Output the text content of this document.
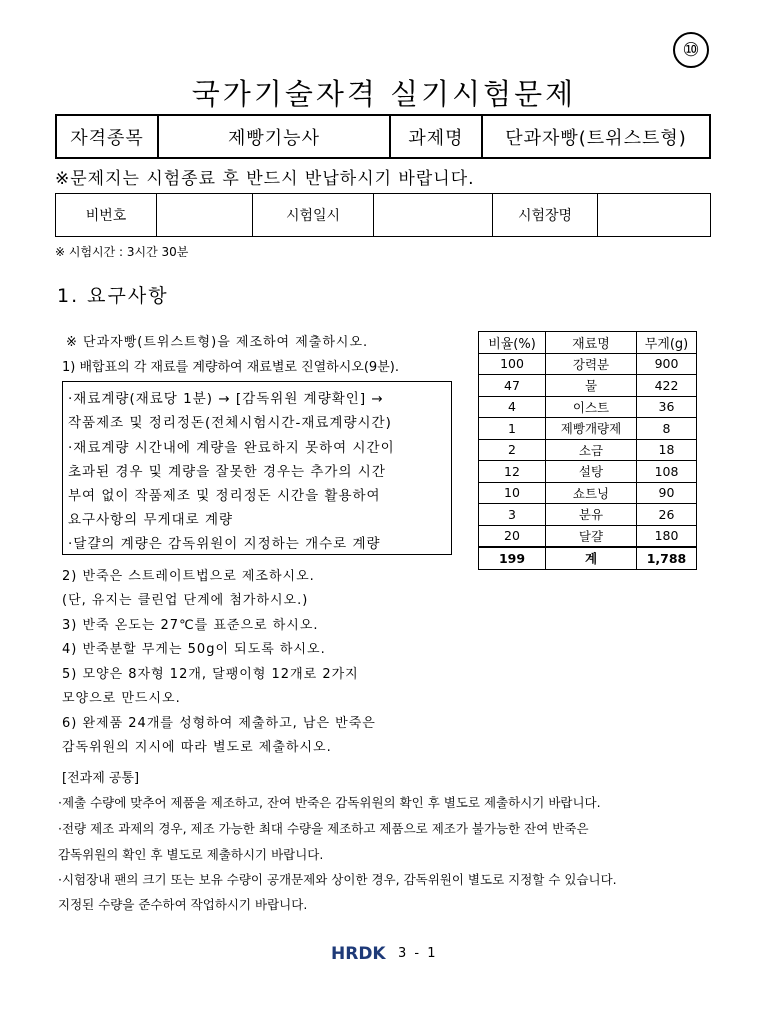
⑩
국가기술자격 실기시험문제
자격종목	제빵기능사	과제명	단과자빵(트위스트형)
※문제지는 시험종료 후 반드시 반납하시기 바랍니다.
비번호		시험일시		시험장명	
※ 시험시간 : 3시간 30분
1. 요구사항
※ 단과자빵(트위스트형)을 제조하여 제출하시오.
1) 배합표의 각 재료를 계량하여 재료별로 진열하시오(9분).
·재료계량(재료당 1분) → [감독위원 계량확인] →
작품제조 및 정리정돈(전체시험시간-재료계량시간)
·재료계량 시간내에 계량을 완료하지 못하여 시간이
초과된 경우 및 계량을 잘못한 경우는 추가의 시간
부여 없이 작품제조 및 정리정돈 시간을 활용하여
요구사항의 무게대로 계량
·달걀의 계량은 감독위원이 지정하는 개수로 계량
2) 반죽은 스트레이트법으로 제조하시오.
(단, 유지는 클린업 단계에 첨가하시오.)
3) 반죽 온도는 27℃를 표준으로 하시오.
4) 반죽분할 무게는 50g이 되도록 하시오.
5) 모양은 8자형 12개, 달팽이형 12개로 2가지
모양으로 만드시오.
6) 완제품 24개를 성형하여 제출하고, 남은 반죽은
감독위원의 지시에 따라 별도로 제출하시오.
[전과제 공통]
·제출 수량에 맞추어 제품을 제조하고, 잔여 반죽은 감독위원의 확인 후 별도로 제출하시기 바랍니다.
·전량 제조 과제의 경우, 제조 가능한 최대 수량을 제조하고 제품으로 제조가 불가능한 잔여 반죽은
감독위원의 확인 후 별도로 제출하시기 바랍니다.
·시험장내 팬의 크기 또는 보유 수량이 공개문제와 상이한 경우, 감독위원이 별도로 지정할 수 있습니다.
지정된 수량을 준수하여 작업하시기 바랍니다.
비율(%)	재료명	무게(g)
100	강력분	900
47	물	422
4	이스트	36
1	제빵개량제	8
2	소금	18
12	설탕	108
10	쇼트닝	90
3	분유	26
20	달걀	180
199	계	1,788
HRDK 3 - 1
